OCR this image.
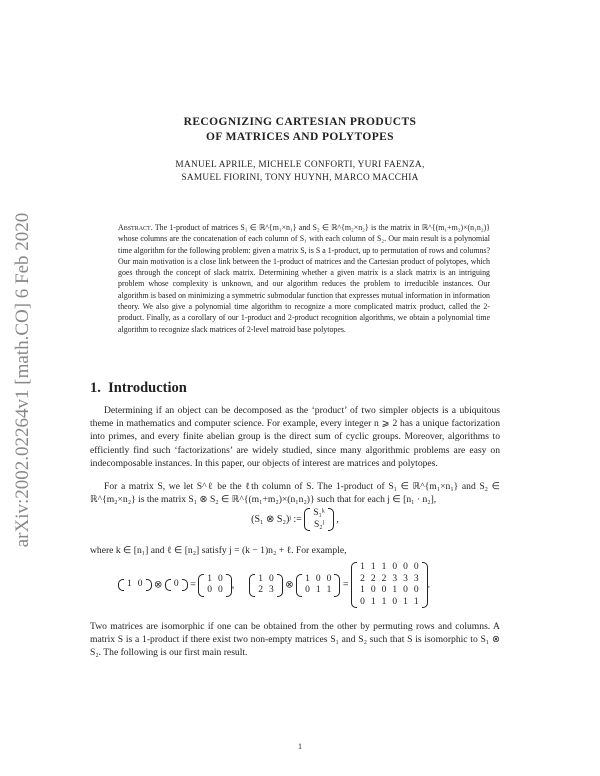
arXiv:2002.02264v1 [math.CO] 6 Feb 2020
RECOGNIZING CARTESIAN PRODUCTS
OF MATRICES AND POLYTOPES
MANUEL APRILE, MICHELE CONFORTI, YURI FAENZA,
SAMUEL FIORINI, TONY HUYNH, MARCO MACCHIA
Abstract. The 1-product of matrices S₁ ∈ ℝ^{m₁×n₁} and S₂ ∈ ℝ^{m₂×n₂} is the matrix in ℝ^{(m₁+m₂)×(n₁n₂)} whose columns are the concatenation of each column of S₁ with each column of S₂. Our main result is a polynomial time algorithm for the following problem: given a matrix S, is S a 1-product, up to permutation of rows and columns? Our main motivation is a close link between the 1-product of matrices and the Cartesian product of polytopes, which goes through the concept of slack matrix. Determining whether a given matrix is a slack matrix is an intriguing problem whose complexity is unknown, and our algorithm reduces the problem to irreducible instances. Our algorithm is based on minimizing a symmetric submodular function that expresses mutual information in information theory. We also give a polynomial time algorithm to recognize a more complicated matrix product, called the 2-product. Finally, as a corollary of our 1-product and 2-product recognition algorithms, we obtain a polynomial time algorithm to recognize slack matrices of 2-level matroid base polytopes.
1. Introduction
Determining if an object can be decomposed as the ‘product’ of two simpler objects is a ubiquitous theme in mathematics and computer science. For example, every integer n ⩾ 2 has a unique factorization into primes, and every finite abelian group is the direct sum of cyclic groups. Moreover, algorithms to efficiently find such ‘factorizations’ are widely studied, since many algorithmic problems are easy on indecomposable instances. In this paper, our objects of interest are matrices and polytopes.
For a matrix S, we let S^ℓ be the ℓth column of S. The 1-product of S₁ ∈ ℝ^{m₁×n₁} and S₂ ∈ ℝ^{m₂×n₂} is the matrix S₁ ⊗ S₂ ∈ ℝ^{(m₁+m₂)×(n₁n₂)} such that for each j ∈ [n₁ · n₂],
(S₁ ⊗ S₂)ʲ :=
S₁ᵏ
S₂ˡ ,
where k ∈ [n₁] and ℓ ∈ [n₂] satisfy j = (k − 1)n₂ + ℓ. For example,
1	0 ⊗ 0 =
1	0
0	0 ,
1	0
2	3 ⊗
1	0	0
0	1	1 =
1	1	1	0	0	0
2	2	2	3	3	3
1	0	0	1	0	0
0	1	1	0	1	1
.
Two matrices are isomorphic if one can be obtained from the other by permuting rows and columns. A matrix S is a 1-product if there exist two non-empty matrices S₁ and S₂ such that S is isomorphic to S₁ ⊗ S₂. The following is our first main result.
1
